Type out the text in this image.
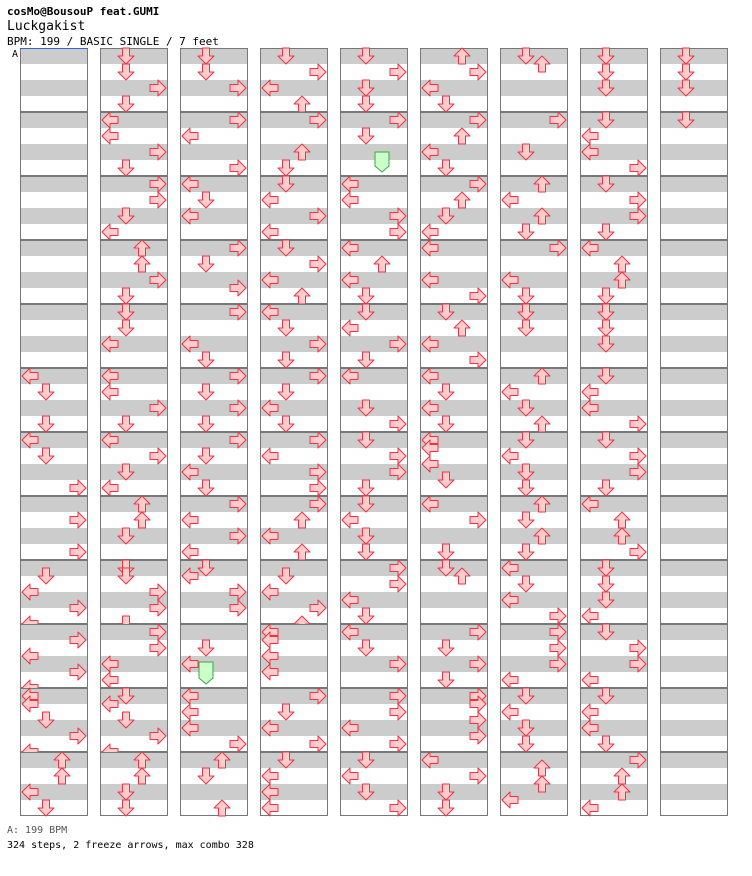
cosMo@BousouP feat.GUMI
Luckgakist
BPM: 199 / BASIC SINGLE / 7 feet
A
A: 199 BPM
324 steps, 2 freeze arrows, max combo 328
